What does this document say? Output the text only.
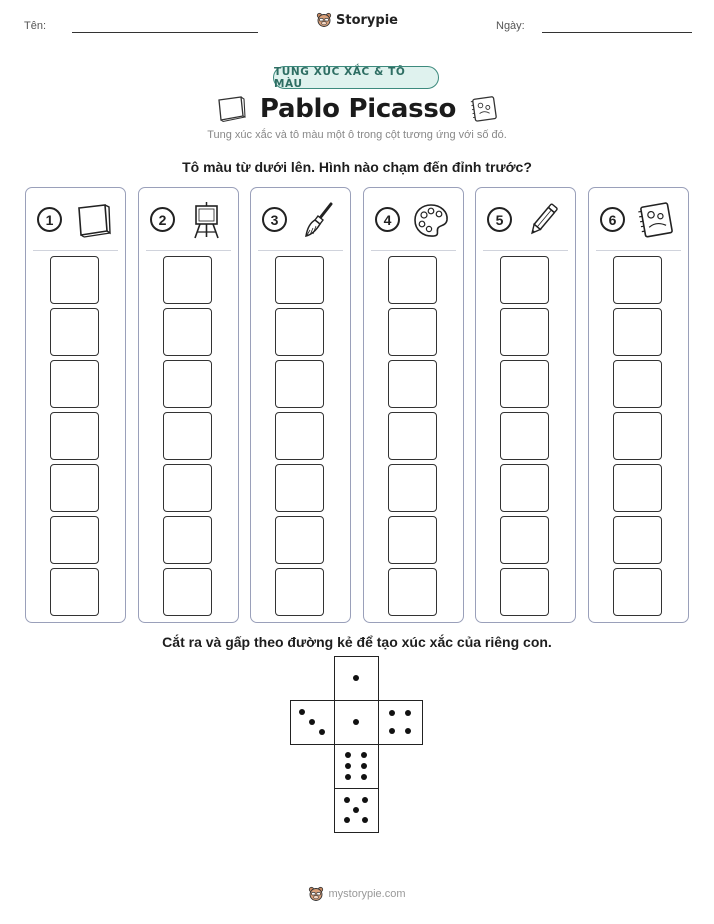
Tên:	Storypie	Ngày:
TUNG XÚC XẮC & TÔ MÀU
Pablo Picasso
Tung xúc xắc và tô màu một ô trong cột tương ứng với số đó.
Tô màu từ dưới lên. Hình nào chạm đến đỉnh trước?
1	2	3	4	5	6
Cắt ra và gấp theo đường kẻ để tạo xúc xắc của riêng con.
mystorypie.com
